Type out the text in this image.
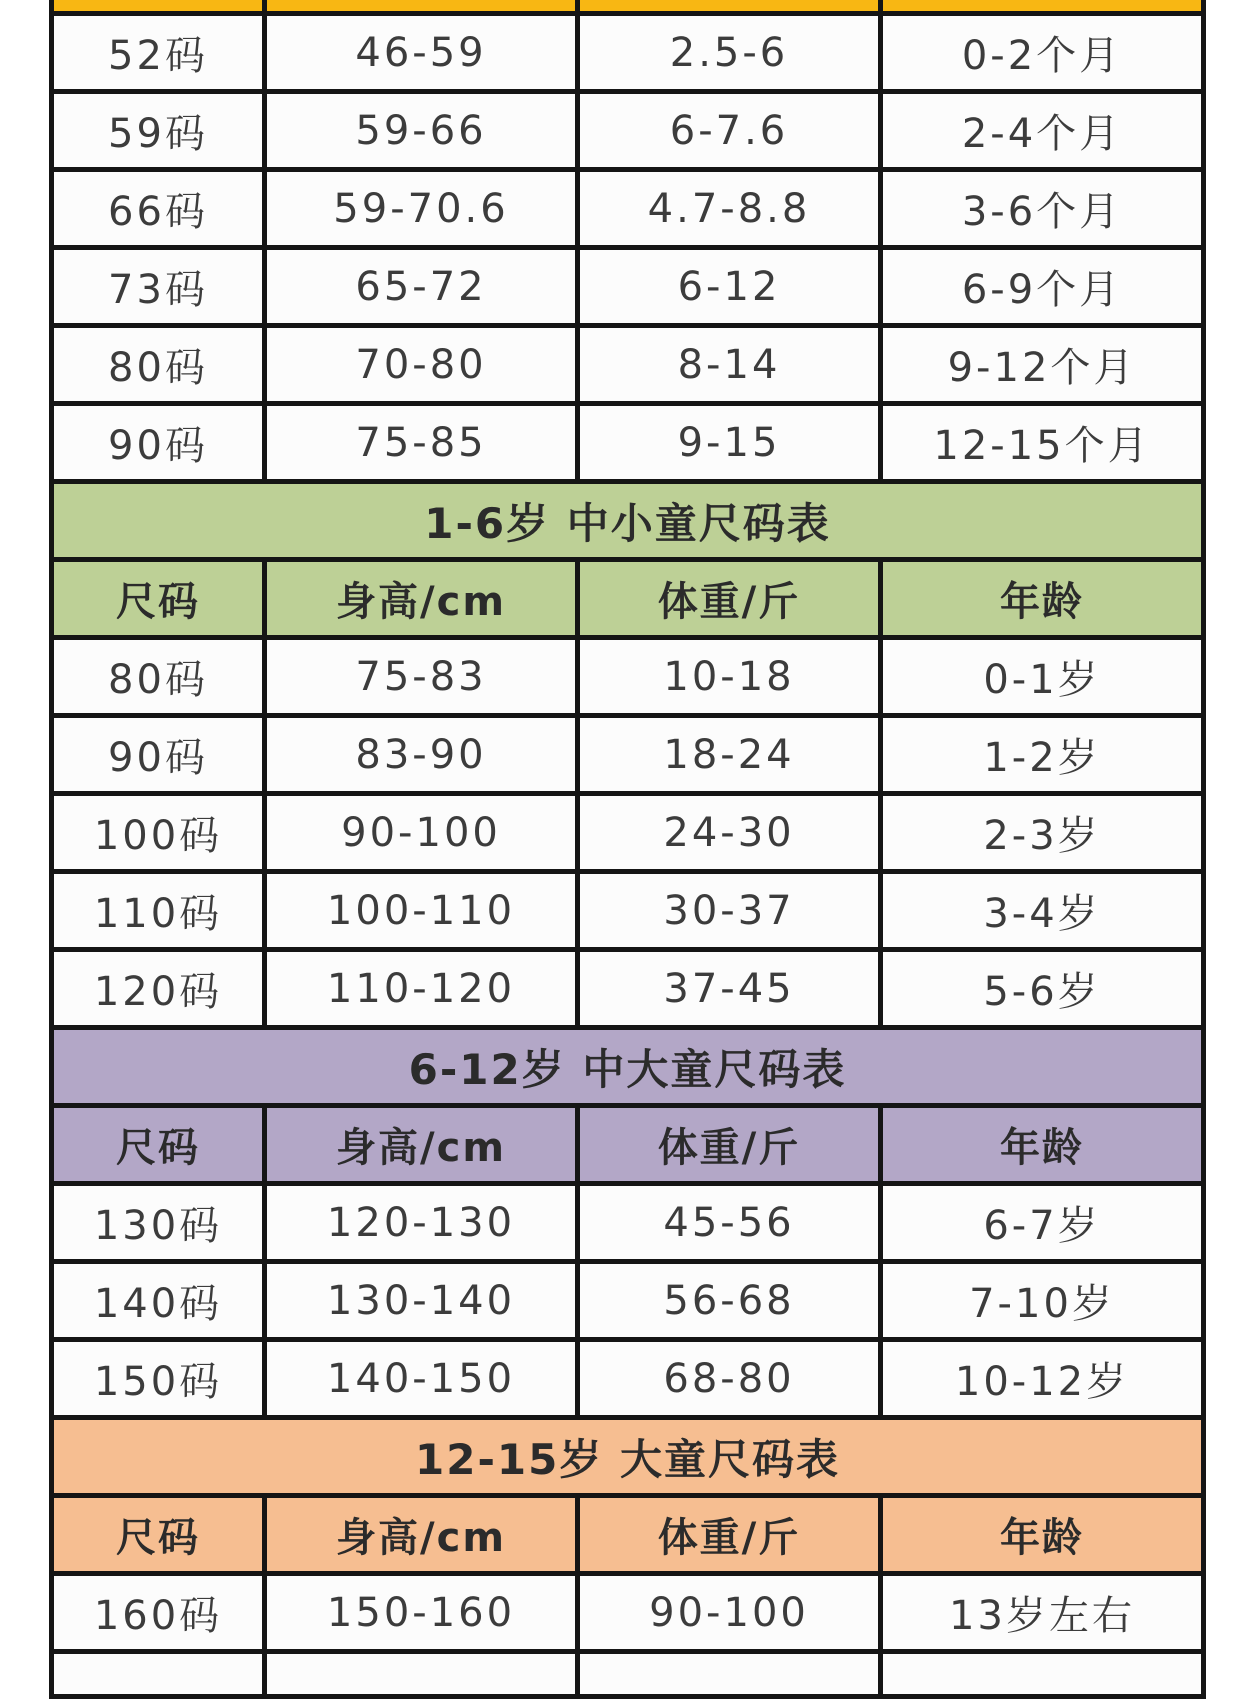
52码	46-59	2.5-6	0-2个月
59码	59-66	6-7.6	2-4个月
66码	59-70.6	4.7-8.8	3-6个月
73码	65-72	6-12	6-9个月
80码	70-80	8-14	9-12个月
90码	75-85	9-15	12-15个月
1-6岁 中小童尺码表			
尺码	身高/cm	体重/斤	年龄
80码	75-83	10-18	0-1岁
90码	83-90	18-24	1-2岁
100码	90-100	24-30	2-3岁
110码	100-110	30-37	3-4岁
120码	110-120	37-45	5-6岁
6-12岁 中大童尺码表			
尺码	身高/cm	体重/斤	年龄
130码	120-130	45-56	6-7岁
140码	130-140	56-68	7-10岁
150码	140-150	68-80	10-12岁
12-15岁 大童尺码表			
尺码	身高/cm	体重/斤	年龄
160码	150-160	90-100	13岁左右
